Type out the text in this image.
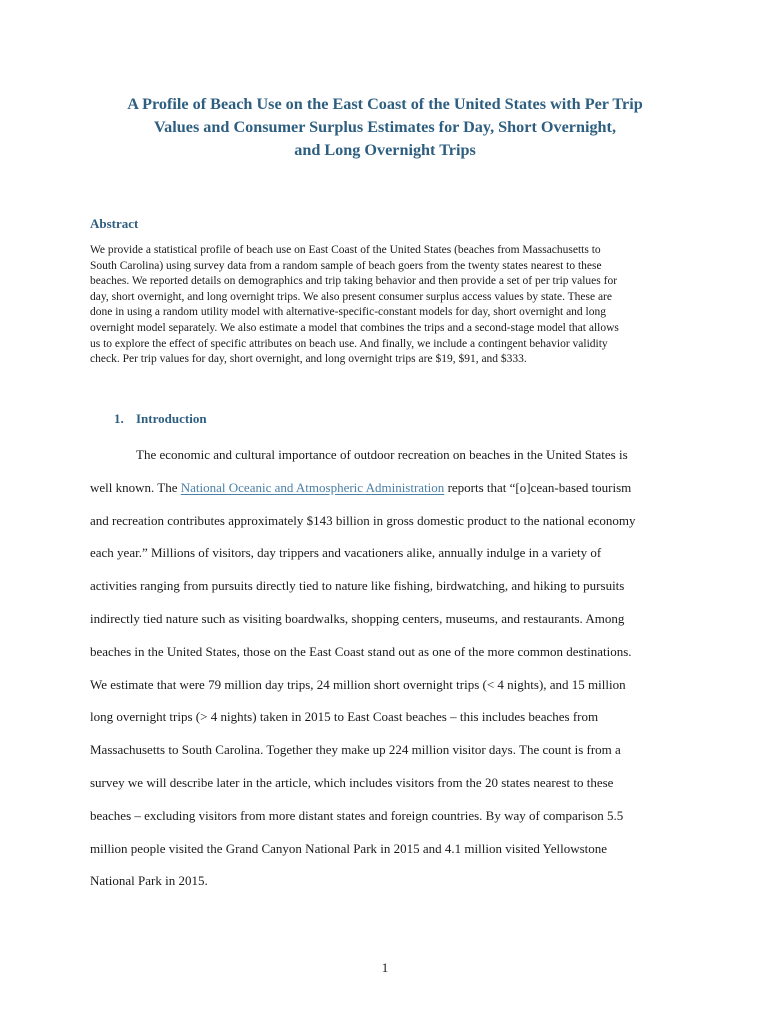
A Profile of Beach Use on the East Coast of the United States with Per Trip
Values and Consumer Surplus Estimates for Day, Short Overnight,
and Long Overnight Trips
Abstract
We provide a statistical profile of beach use on East Coast of the United States (beaches from Massachusetts to
South Carolina) using survey data from a random sample of beach goers from the twenty states nearest to these
beaches. We reported details on demographics and trip taking behavior and then provide a set of per trip values for
day, short overnight, and long overnight trips. We also present consumer surplus access values by state. These are
done in using a random utility model with alternative-specific-constant models for day, short overnight and long
overnight model separately. We also estimate a model that combines the trips and a second-stage model that allows
us to explore the effect of specific attributes on beach use. And finally, we include a contingent behavior validity
check. Per trip values for day, short overnight, and long overnight trips are $19, $91, and $333.
1. Introduction
The economic and cultural importance of outdoor recreation on beaches in the United States is
well known. The National Oceanic and Atmospheric Administration reports that “[o]cean-based tourism
and recreation contributes approximately $143 billion in gross domestic product to the national economy
each year.” Millions of visitors, day trippers and vacationers alike, annually indulge in a variety of
activities ranging from pursuits directly tied to nature like fishing, birdwatching, and hiking to pursuits
indirectly tied nature such as visiting boardwalks, shopping centers, museums, and restaurants. Among
beaches in the United States, those on the East Coast stand out as one of the more common destinations.
We estimate that were 79 million day trips, 24 million short overnight trips (< 4 nights), and 15 million
long overnight trips (> 4 nights) taken in 2015 to East Coast beaches – this includes beaches from
Massachusetts to South Carolina. Together they make up 224 million visitor days. The count is from a
survey we will describe later in the article, which includes visitors from the 20 states nearest to these
beaches – excluding visitors from more distant states and foreign countries. By way of comparison 5.5
million people visited the Grand Canyon National Park in 2015 and 4.1 million visited Yellowstone
National Park in 2015.
1
